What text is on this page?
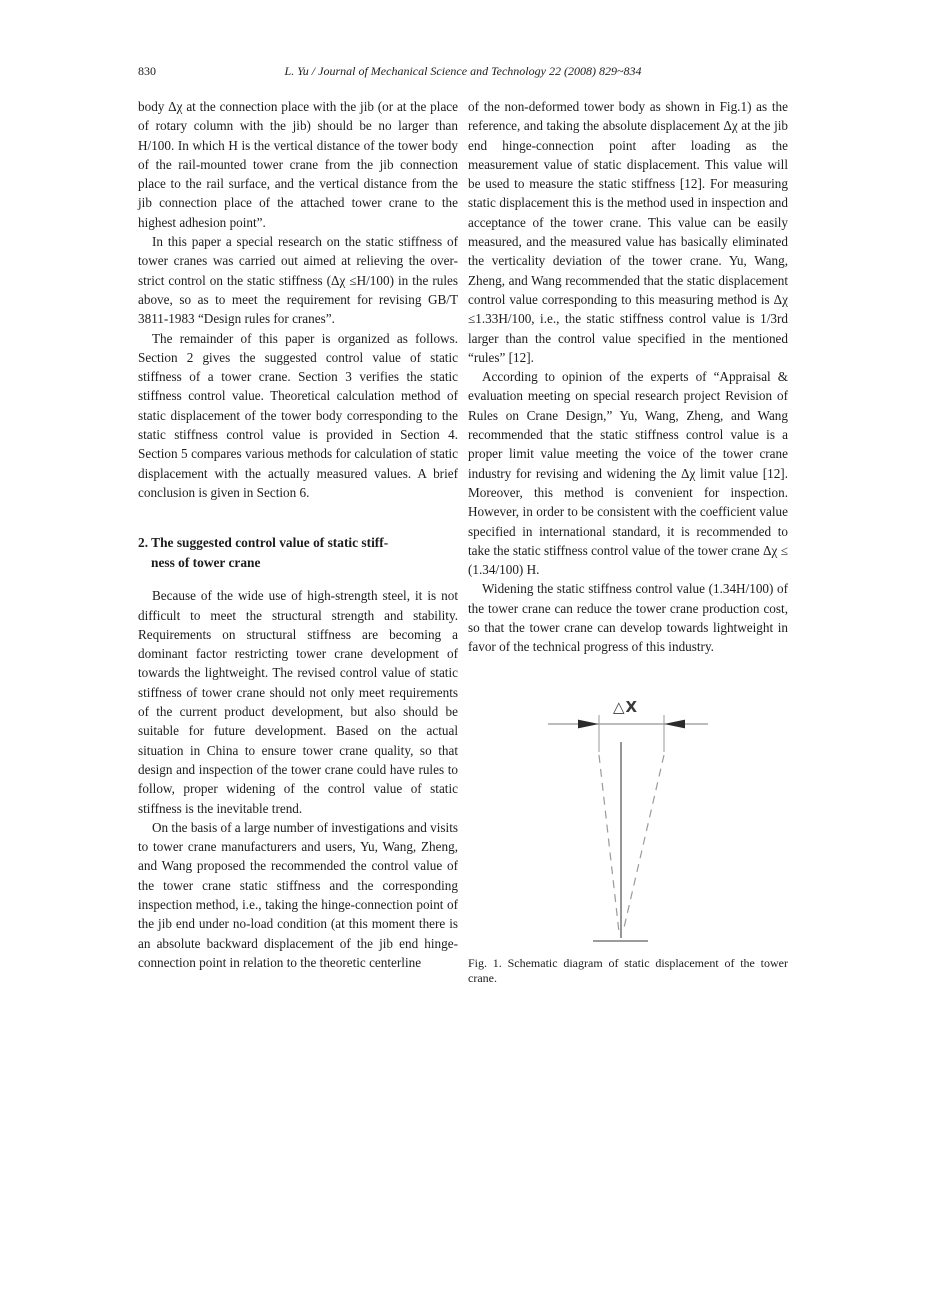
830	L. Yu / Journal of Mechanical Science and Technology 22 (2008) 829~834

body Δχ at the connection place with the jib (or at the place of rotary column with the jib) should be no larger than H/100. In which H is the vertical distance of the tower body of the rail-mounted tower crane from the jib connection place to the rail surface, and the vertical distance from the jib connection place of the attached tower crane to the highest adhesion point”.

In this paper a special research on the static stiffness of tower cranes was carried out aimed at relieving the over-strict control on the static stiffness (Δχ ≤H/100) in the rules above, so as to meet the requirement for revising GB/T 3811-1983 “Design rules for cranes”.

The remainder of this paper is organized as follows. Section 2 gives the suggested control value of static stiffness of a tower crane. Section 3 verifies the static stiffness control value. Theoretical calculation method of static displacement of the tower body corresponding to the static stiffness control value is provided in Section 4. Section 5 compares various methods for calculation of static displacement with the actually measured values. A brief conclusion is given in Section 6.

2. The suggested control value of static stiff-
ness of tower crane

Because of the wide use of high-strength steel, it is not difficult to meet the structural strength and stability. Requirements on structural stiffness are becoming a dominant factor restricting tower crane development of towards the lightweight. The revised control value of static stiffness of tower crane should not only meet requirements of the current product development, but also should be suitable for future development. Based on the actual situation in China to ensure tower crane quality, so that design and inspection of the tower crane could have rules to follow, proper widening of the control value of static stiffness is the inevitable trend.

On the basis of a large number of investigations and visits to tower crane manufacturers and users, Yu, Wang, Zheng, and Wang proposed the recommended the control value of the tower crane static stiffness and the corresponding inspection method, i.e., taking the hinge-connection point of the jib end under no-load condition (at this moment there is an absolute backward displacement of the jib end hinge-connection point in relation to the theoretic centerline

of the non-deformed tower body as shown in Fig.1) as the reference, and taking the absolute displacement Δχ at the jib end hinge-connection point after loading as the measurement value of static displacement. This value will be used to measure the static stiffness [12]. For measuring static displacement this is the method used in inspection and acceptance of the tower crane. This value can be easily measured, and the measured value has basically eliminated the verticality deviation of the tower crane. Yu, Wang, Zheng, and Wang recommended that the static displacement control value corresponding to this measuring method is Δχ ≤1.33H/100, i.e., the static stiffness control value is 1/3rd larger than the control value specified in the mentioned “rules” [12].

According to opinion of the experts of “Appraisal & evaluation meeting on special research project Revision of Rules on Crane Design,” Yu, Wang, Zheng, and Wang recommended that the static stiffness control value is a proper limit value meeting the voice of the tower crane industry for revising and widening the Δχ limit value [12]. Moreover, this method is convenient for inspection. However, in order to be consistent with the coefficient value specified in international standard, it is recommended to take the static stiffness control value of the tower crane Δχ ≤ (1.34/100) H.

Widening the static stiffness control value (1.34H/100) of the tower crane can reduce the tower crane production cost, so that the tower crane can develop towards lightweight in favor of the technical progress of this industry.

△X
Fig. 1. Schematic diagram of static displacement of the tower crane.
